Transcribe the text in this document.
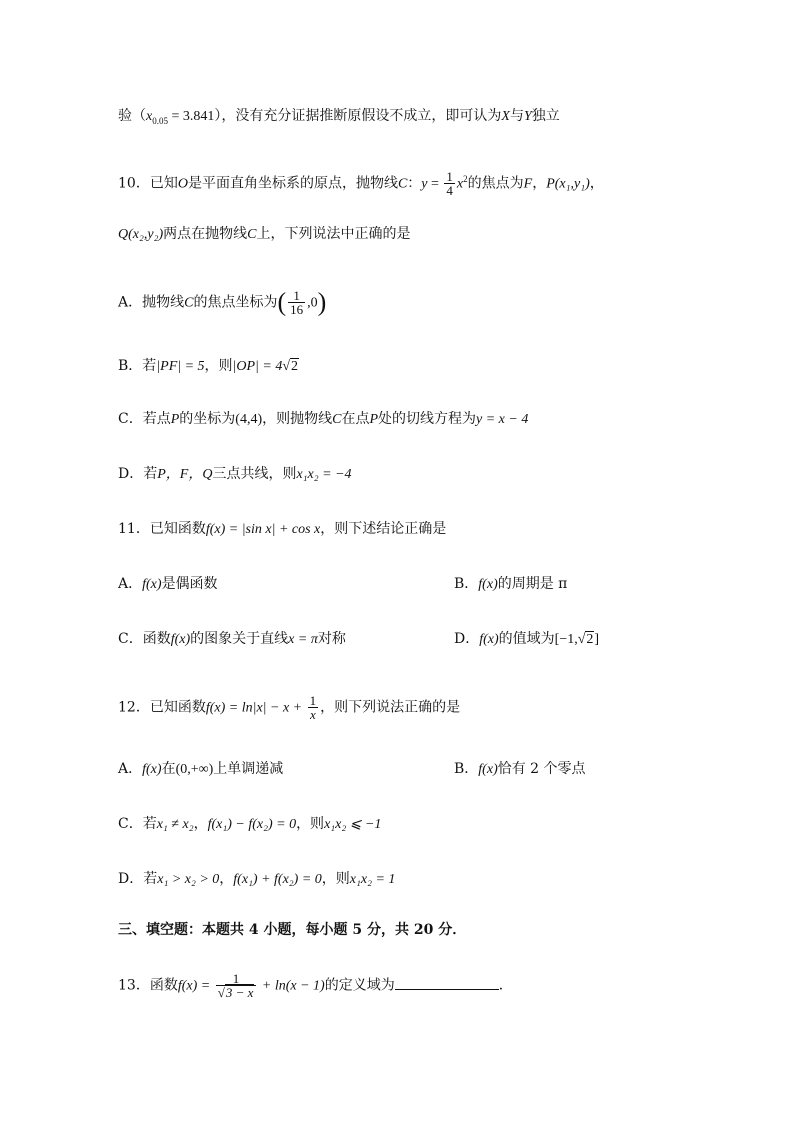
验$(x_{0.05} = 3.841)$，没有充分证据推断原假设不成立，即可认为X与Y独立
10．已知O是平面直角坐标系的原点，抛物线C：$y = \frac{1}{4} x^2$的焦点为F，P(x₁,y₁)，
Q(x₂,y₂)两点在抛物线C上，下列说法中正确的是
A．抛物线C的焦点坐标为( $\frac{1}{16} ,0$)
B．若|PF| = 5，则|OP| = 4√2
C．若点P的坐标为(4,4)，则抛物线C在点P处的切线方程为y = x − 4
D．若P，F，Q三点共线，则x₁x₂ = −4
11．已知函数f(x) = |sin x| + cos x，则下述结论正确是
A．f(x)是偶函数	B．f(x)的周期是 π
C．函数f(x)的图象关于直线x = π对称	D．f(x)的值域为[−1,√2]
12．已知函数$f(x) = \ln|x| - x + \frac{1}{x}$ ，则下列说法正确的是
A．f(x)在(0,+∞)上单调递减	B．f(x)恰有 2 个零点
C．若x₁ ≠ x₂，f(x₁) − f(x₂) = 0，则x₁x₂ ⩽ −1
D．若x₁ > x₂ > 0，f(x₁) + f(x₂) = 0，则x₁x₂ = 1
三、填空题：本题共 4 小题，每小题 5 分，共 20 分．
13．函数$f(x) = \frac{1}{√3 - x} + \ln(x - 1)$的定义域为	．
